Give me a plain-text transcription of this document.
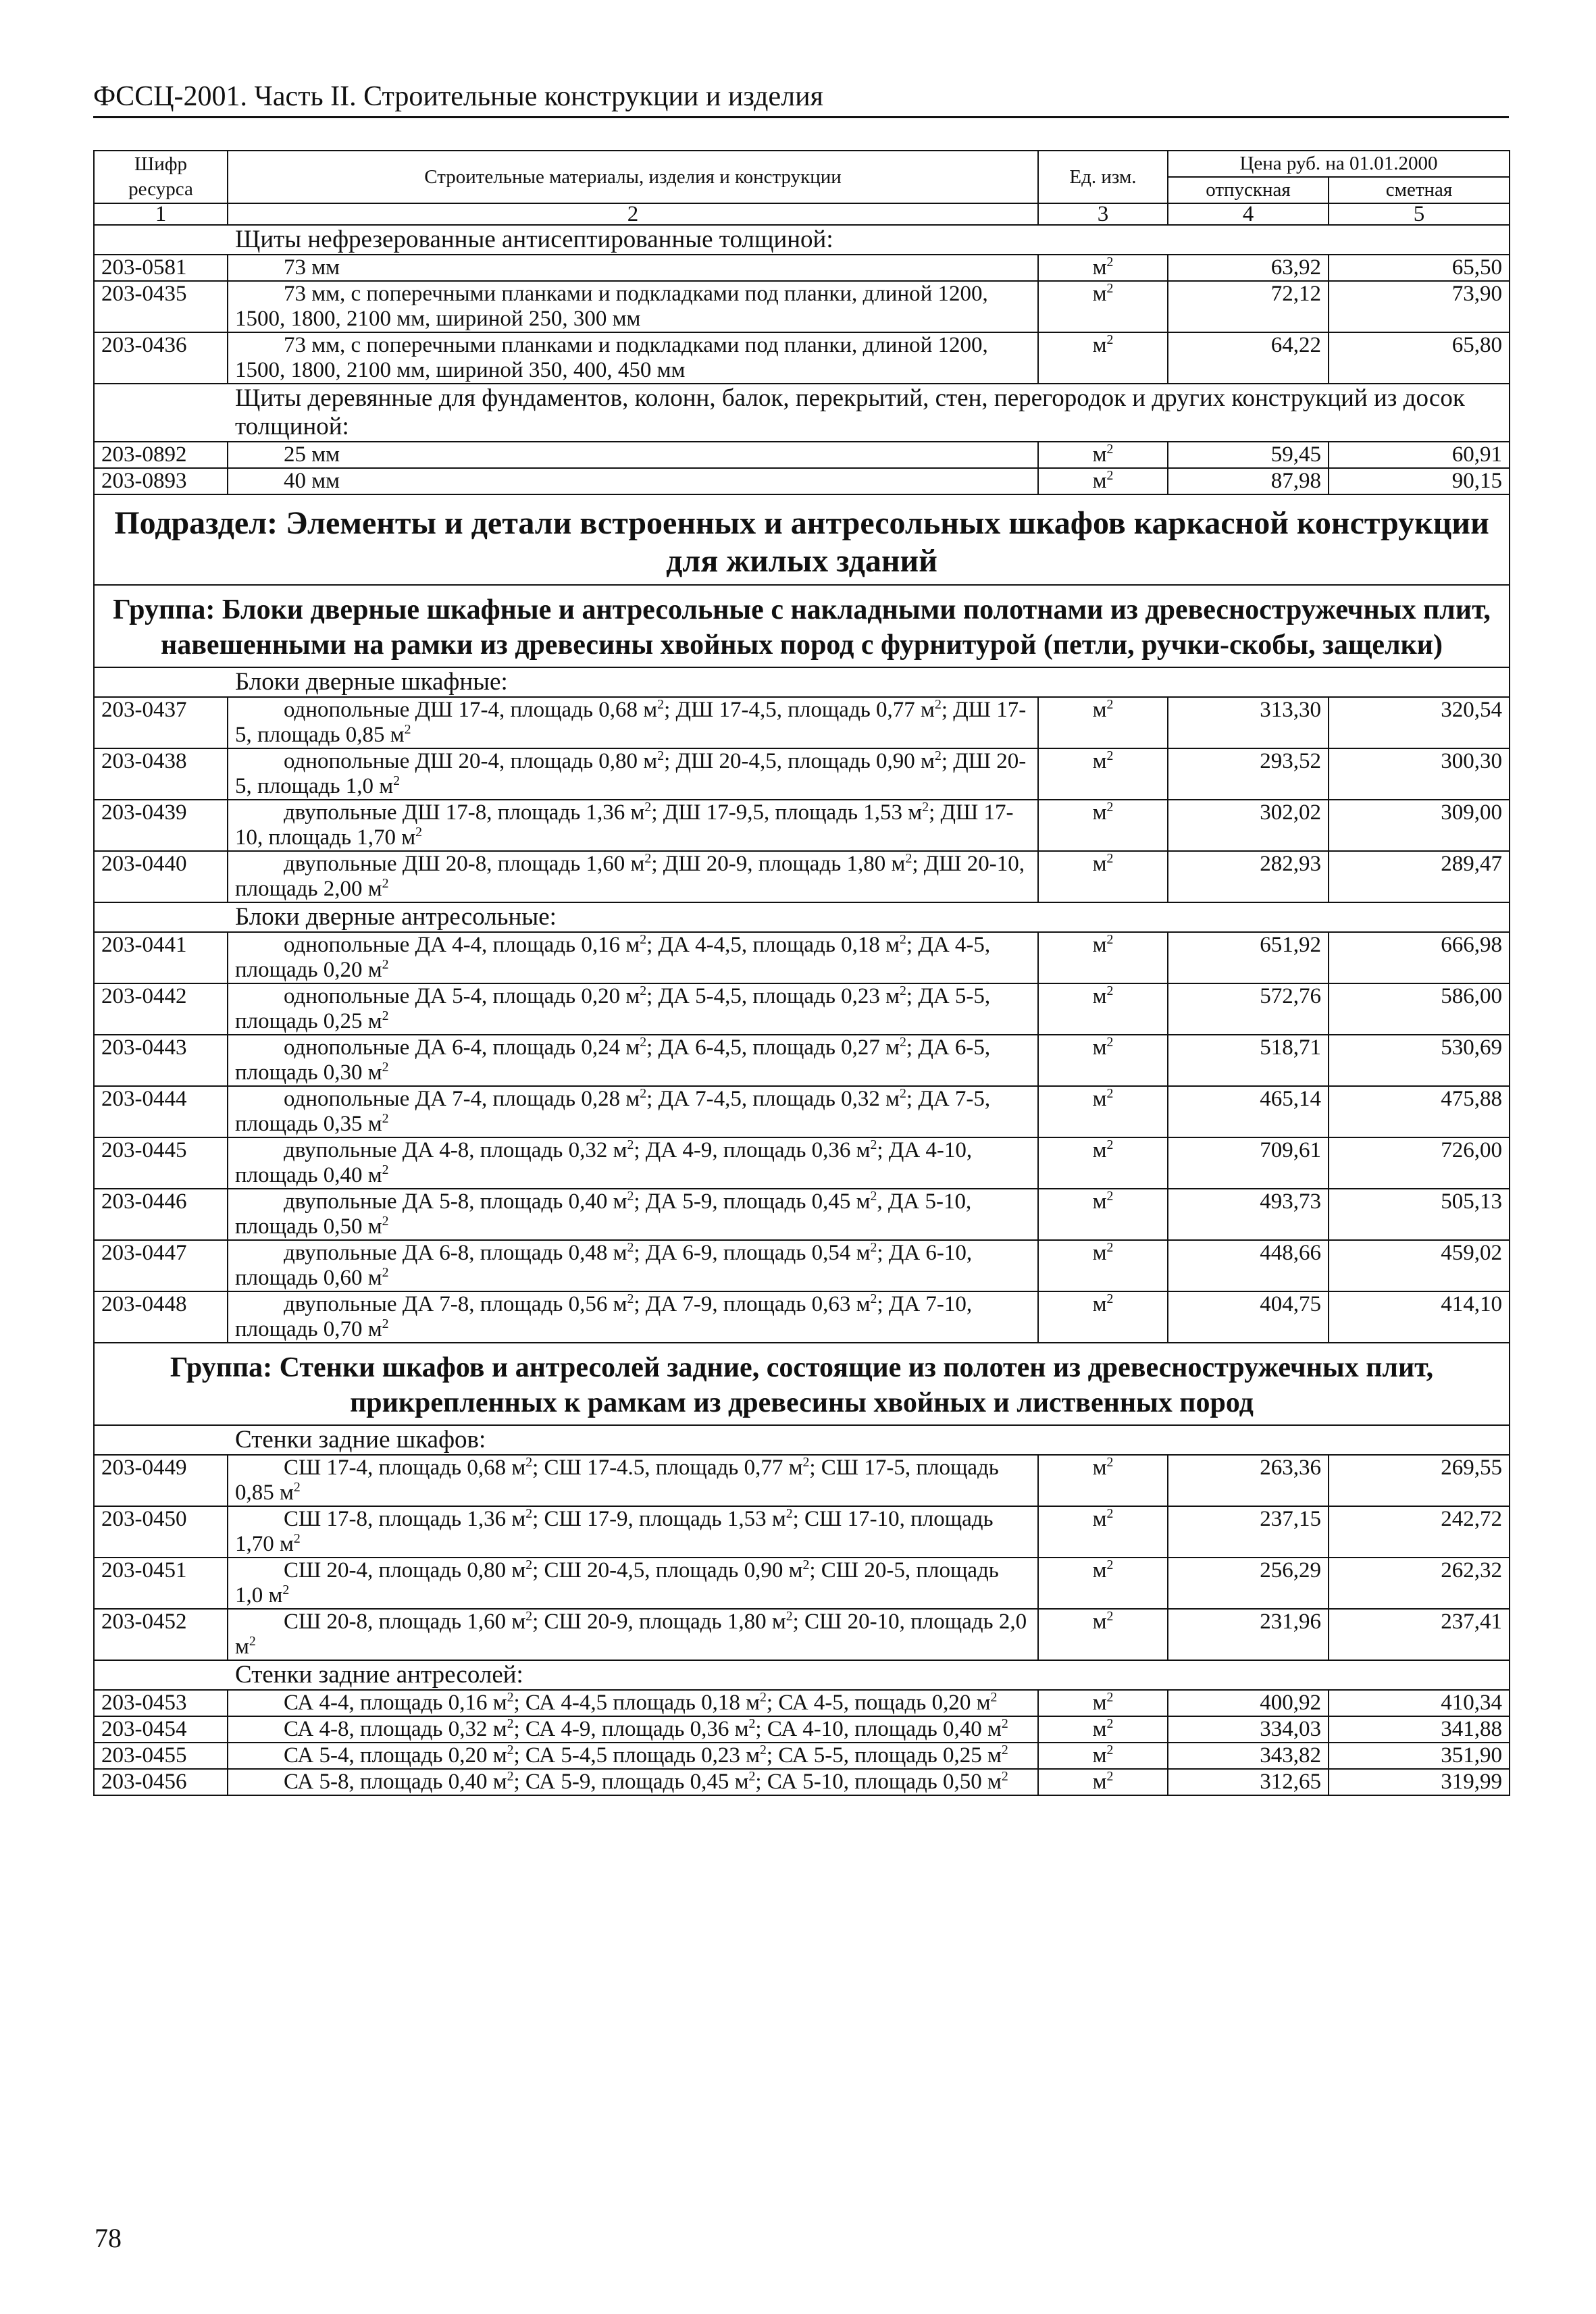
ФССЦ-2001. Часть II. Строительные конструкции и изделия
Шифр ресурса	Строительные материалы, изделия и конструкции	Ед. изм.	Цена руб. на 01.01.2000	
			отпускная	сметная
1	2	3	4	5
Щиты нефрезерованные антисептированные толщиной:				
203-0581	73 мм	$м^2$	63,92	65,50
203-0435	73 мм, с поперечными планками и подкладками под планки, длиной 1200, 1500, 1800, 2100 мм, шириной 250, 300 мм	$м^2$	72,12	73,90
203-0436	73 мм, с поперечными планками и подкладками под планки, длиной 1200, 1500, 1800, 2100 мм, шириной 350, 400, 450 мм	$м^2$	64,22	65,80
Щиты деревянные для фундаментов, колонн, балок, перекрытий, стен, перегородок и других конструкций из досок толщиной:				
203-0892	25 мм	$м^2$	59,45	60,91
203-0893	40 мм	$м^2$	87,98	90,15
Подраздел: Элементы и детали встроенных и антресольных шкафов каркасной конструкции для жилых зданий				
Группа: Блоки дверные шкафные и антресольные с накладными полотнами из древесностружечных плит, навешенными на рамки из древесины хвойных пород с фурнитурой (петли, ручки-скобы, защелки)				
Блоки дверные шкафные:				
203-0437	однопольные ДШ 17-4, площадь 0,68 $м^2$; ДШ 17-4,5, площадь 0,77 $м^2$; ДШ 17-5, площадь 0,85 $м^2$	$м^2$	313,30	320,54
203-0438	однопольные ДШ 20-4, площадь 0,80 $м^2$; ДШ 20-4,5, площадь 0,90 $м^2$; ДШ 20-5, площадь 1,0 $м^2$	$м^2$	293,52	300,30
203-0439	двупольные ДШ 17-8, площадь 1,36 $м^2$; ДШ 17-9,5, площадь 1,53 $м^2$; ДШ 17-10, площадь 1,70 $м^2$	$м^2$	302,02	309,00
203-0440	двупольные ДШ 20-8, площадь 1,60 $м^2$; ДШ 20-9, площадь 1,80 $м^2$; ДШ 20-10, площадь 2,00 $м^2$	$м^2$	282,93	289,47
Блоки дверные антресольные:				
203-0441	однопольные ДА 4-4, площадь 0,16 $м^2$; ДА 4-4,5, площадь 0,18 $м^2$; ДА 4-5, площадь 0,20 $м^2$	$м^2$	651,92	666,98
203-0442	однопольные ДА 5-4, площадь 0,20 $м^2$; ДА 5-4,5, площадь 0,23 $м^2$; ДА 5-5, площадь 0,25 $м^2$	$м^2$	572,76	586,00
203-0443	однопольные ДА 6-4, площадь 0,24 $м^2$; ДА 6-4,5, площадь 0,27 $м^2$; ДА 6-5, площадь 0,30 $м^2$	$м^2$	518,71	530,69
203-0444	однопольные ДА 7-4, площадь 0,28 $м^2$; ДА 7-4,5, площадь 0,32 $м^2$; ДА 7-5, площадь 0,35 $м^2$	$м^2$	465,14	475,88
203-0445	двупольные ДА 4-8, площадь 0,32 $м^2$; ДА 4-9, площадь 0,36 $м^2$; ДА 4-10, площадь 0,40 $м^2$	$м^2$	709,61	726,00
203-0446	двупольные ДА 5-8, площадь 0,40 $м^2$; ДА 5-9, площадь 0,45 $м^2$, ДА 5-10, площадь 0,50 $м^2$	$м^2$	493,73	505,13
203-0447	двупольные ДА 6-8, площадь 0,48 $м^2$; ДА 6-9, площадь 0,54 $м^2$; ДА 6-10, площадь 0,60 $м^2$	$м^2$	448,66	459,02
203-0448	двупольные ДА 7-8, площадь 0,56 $м^2$; ДА 7-9, площадь 0,63 $м^2$; ДА 7-10, площадь 0,70 $м^2$	$м^2$	404,75	414,10
Группа: Стенки шкафов и антресолей задние, состоящие из полотен из древесностружечных плит, прикрепленных к рамкам из древесины хвойных и лиственных пород				
Стенки задние шкафов:				
203-0449	СШ 17-4, площадь 0,68 $м^2$; СШ 17-4.5, площадь 0,77 $м^2$; СШ 17-5, площадь 0,85 $м^2$	$м^2$	263,36	269,55
203-0450	СШ 17-8, площадь 1,36 $м^2$; СШ 17-9, площадь 1,53 $м^2$; СШ 17-10, площадь 1,70 $м^2$	$м^2$	237,15	242,72
203-0451	СШ 20-4, площадь 0,80 $м^2$; СШ 20-4,5, площадь 0,90 $м^2$; СШ 20-5, площадь 1,0 $м^2$	$м^2$	256,29	262,32
203-0452	СШ 20-8, площадь 1,60 $м^2$; СШ 20-9, площадь 1,80 $м^2$; СШ 20-10, площадь 2,0 $м^2$	$м^2$	231,96	237,41
Стенки задние антресолей:				
203-0453	СА 4-4, площадь 0,16 $м^2$; СА 4-4,5 площадь 0,18 $м^2$; СА 4-5, пощадь 0,20 $м^2$	$м^2$	400,92	410,34
203-0454	СА 4-8, площадь 0,32 $м^2$; СА 4-9, площадь 0,36 $м^2$; СА 4-10, площадь 0,40 $м^2$	$м^2$	334,03	341,88
203-0455	СА 5-4, площадь 0,20 $м^2$; СА 5-4,5 площадь 0,23 $м^2$; СА 5-5, площадь 0,25 $м^2$	$м^2$	343,82	351,90
203-0456	СА 5-8, площадь 0,40 $м^2$; СА 5-9, площадь 0,45 $м^2$; СА 5-10, площадь 0,50 $м^2$	$м^2$	312,65	319,99
78
